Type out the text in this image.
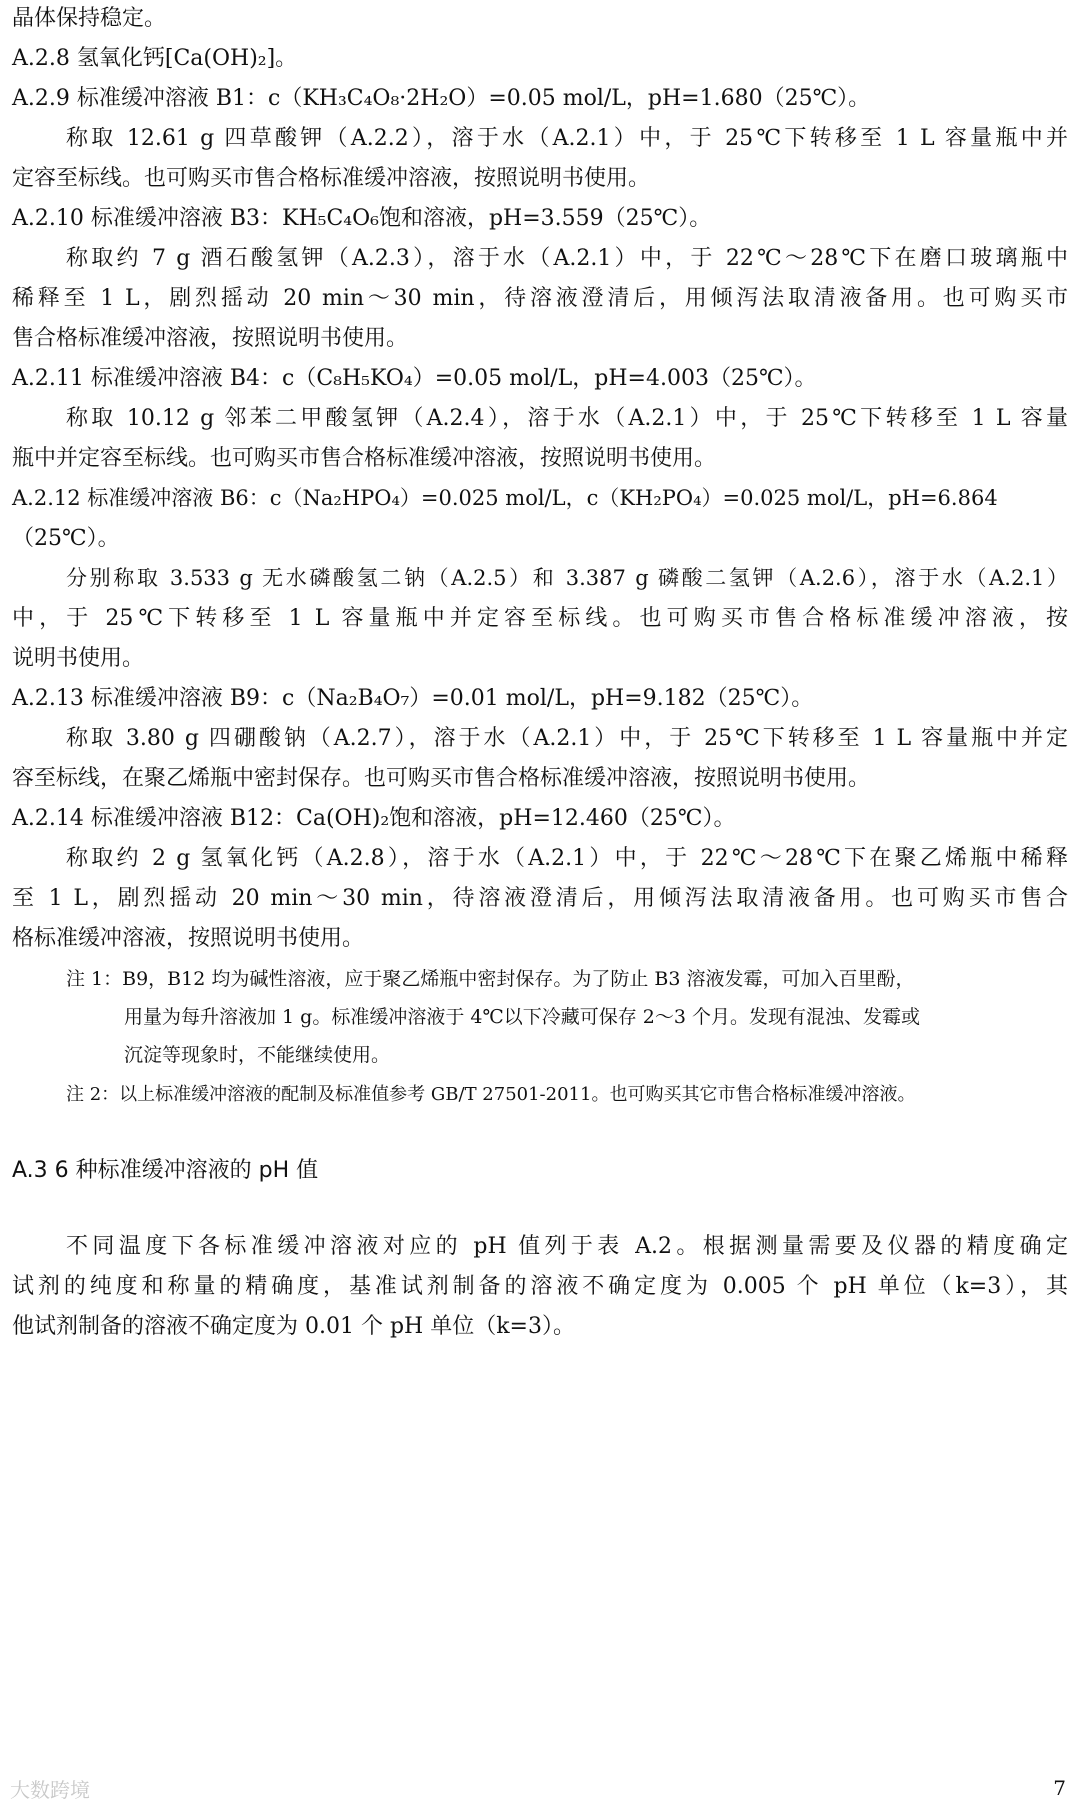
晶体保持稳定。
A.2.8 氢氧化钙[Ca(OH)₂]。
A.2.9 标准缓冲溶液 B1：c（KH₃C₄O₈·2H₂O）=0.05 mol/L，pH=1.680（25℃）。
称取 12.61 g 四草酸钾（A.2.2），溶于水（A.2.1）中，于 25℃下转移至 1 L 容量瓶中并
定容至标线。也可购买市售合格标准缓冲溶液，按照说明书使用。
A.2.10 标准缓冲溶液 B3：KH₅C₄O₆饱和溶液，pH=3.559（25℃）。
称取约 7 g 酒石酸氢钾（A.2.3），溶于水（A.2.1）中，于 22℃～28℃下在磨口玻璃瓶中
稀释至 1 L，剧烈摇动 20 min～30 min，待溶液澄清后，用倾泻法取清液备用。也可购买市
售合格标准缓冲溶液，按照说明书使用。
A.2.11 标准缓冲溶液 B4：c（C₈H₅KO₄）=0.05 mol/L，pH=4.003（25℃）。
称取 10.12 g 邻苯二甲酸氢钾（A.2.4），溶于水（A.2.1）中，于 25℃下转移至 1 L 容量
瓶中并定容至标线。也可购买市售合格标准缓冲溶液，按照说明书使用。
A.2.12 标准缓冲溶液 B6：c（Na₂HPO₄）=0.025 mol/L，c（KH₂PO₄）=0.025 mol/L，pH=6.864
（25℃）。
分别称取 3.533 g 无水磷酸氢二钠（A.2.5）和 3.387 g 磷酸二氢钾（A.2.6），溶于水（A.2.1）
中，于 25℃下转移至 1 L 容量瓶中并定容至标线。也可购买市售合格标准缓冲溶液，按
说明书使用。
A.2.13 标准缓冲溶液 B9：c（Na₂B₄O₇）=0.01 mol/L，pH=9.182（25℃）。
称取 3.80 g 四硼酸钠（A.2.7），溶于水（A.2.1）中，于 25℃下转移至 1 L 容量瓶中并定
容至标线，在聚乙烯瓶中密封保存。也可购买市售合格标准缓冲溶液，按照说明书使用。
A.2.14 标准缓冲溶液 B12：Ca(OH)₂饱和溶液，pH=12.460（25℃）。
称取约 2 g 氢氧化钙（A.2.8），溶于水（A.2.1）中，于 22℃～28℃下在聚乙烯瓶中稀释
至 1 L，剧烈摇动 20 min～30 min，待溶液澄清后，用倾泻法取清液备用。也可购买市售合
格标准缓冲溶液，按照说明书使用。
注 1：B9，B12 均为碱性溶液，应于聚乙烯瓶中密封保存。为了防止 B3 溶液发霉，可加入百里酚，
用量为每升溶液加 1 g。标准缓冲溶液于 4℃以下冷藏可保存 2～3 个月。发现有混浊、发霉或
沉淀等现象时，不能继续使用。
注 2：以上标准缓冲溶液的配制及标准值参考 GB/T 27501-2011。也可购买其它市售合格标准缓冲溶液。
A.3 6 种标准缓冲溶液的 pH 值
不同温度下各标准缓冲溶液对应的 pH 值列于表 A.2。根据测量需要及仪器的精度确定
试剂的纯度和称量的精确度，基准试剂制备的溶液不确定度为 0.005 个 pH 单位（k=3），其
他试剂制备的溶液不确定度为 0.01 个 pH 单位（k=3）。
大数跨境	7
